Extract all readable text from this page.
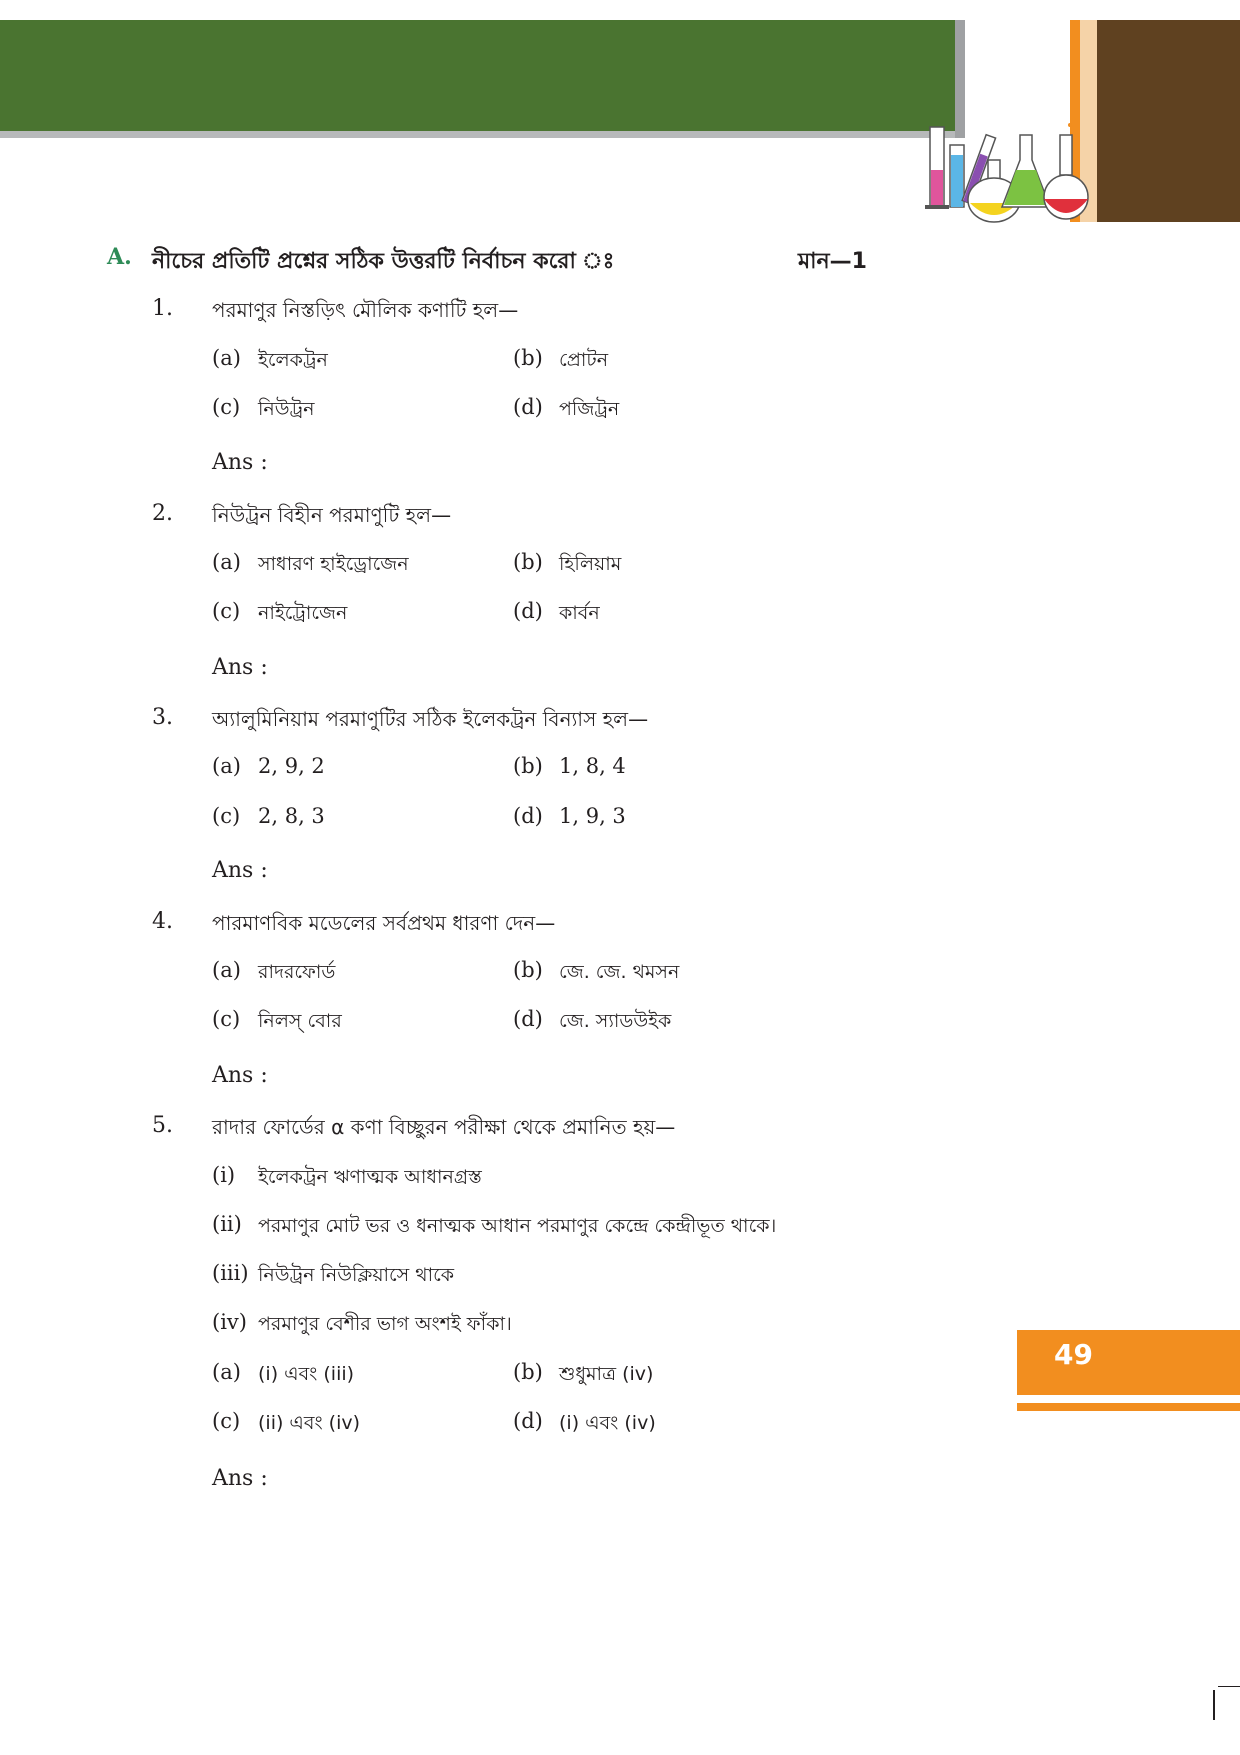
A. নীচের প্রতিটি প্রশ্নের সঠিক উত্তরটি নির্বাচন করো ঃ	মান—1
1. পরমাণুর নিস্তড়িৎ মৌলিক কণাটি হল—
(a) ইলেকট্রন	(b) প্রোটন
(c) নিউট্রন	(d) পজিট্রন
Ans :
2. নিউট্রন বিহীন পরমাণুটি হল—
(a) সাধারণ হাইড্রোজেন	(b) হিলিয়াম
(c) নাইট্রোজেন	(d) কার্বন
Ans :
3. অ্যালুমিনিয়াম পরমাণুটির সঠিক ইলেকট্রন বিন্যাস হল—
(a) 2, 9, 2	(b) 1, 8, 4
(c) 2, 8, 3	(d) 1, 9, 3
Ans :
4. পারমাণবিক মডেলের সর্বপ্রথম ধারণা দেন—
(a) রাদরফোর্ড	(b) জে. জে. থমসন
(c) নিলস্ বোর	(d) জে. স্যাডউইক
Ans :
5. রাদার ফোর্ডের α কণা বিচ্ছুরন পরীক্ষা থেকে প্রমানিত হয়—
(i) ইলেকট্রন ঋণাত্মক আধানগ্রস্ত
(ii) পরমাণুর মোট ভর ও ধনাত্মক আধান পরমাণুর কেন্দ্রে কেন্দ্রীভূত থাকে।
(iii) নিউট্রন নিউক্লিয়াসে থাকে
(iv) পরমাণুর বেশীর ভাগ অংশই ফাঁকা।
(a) (i) এবং (iii)	(b) শুধুমাত্র (iv)
(c) (ii) এবং (iv)	(d) (i) এবং (iv)
Ans :
49
